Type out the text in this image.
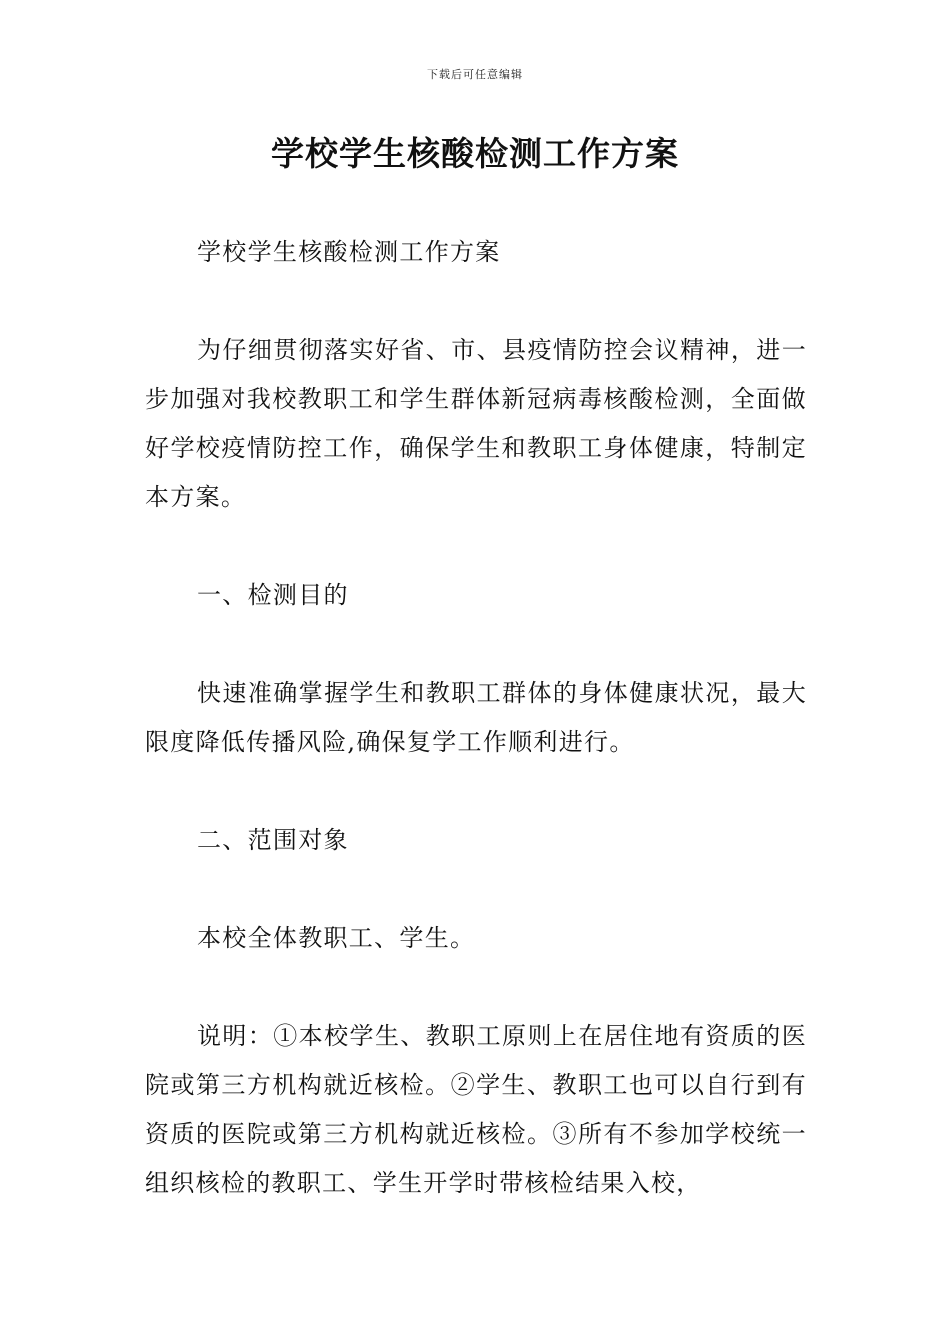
下载后可任意编辑
学校学生核酸检测工作方案

学校学生核酸检测工作方案

为仔细贯彻落实好省、市、县疫情防控会议精神，进一步加强对我校教职工和学生群体新冠病毒核酸检测，全面做好学校疫情防控工作，确保学生和教职工身体健康，特制定本方案。

一、检测目的

快速准确掌握学生和教职工群体的身体健康状况，最大限度降低传播风险,确保复学工作顺利进行。

二、范围对象

本校全体教职工、学生。

说明：①本校学生、教职工原则上在居住地有资质的医院或第三方机构就近核检。②学生、教职工也可以自行到有资质的医院或第三方机构就近核检。③所有不参加学校统一组织核检的教职工、学生开学时带核检结果入校，
